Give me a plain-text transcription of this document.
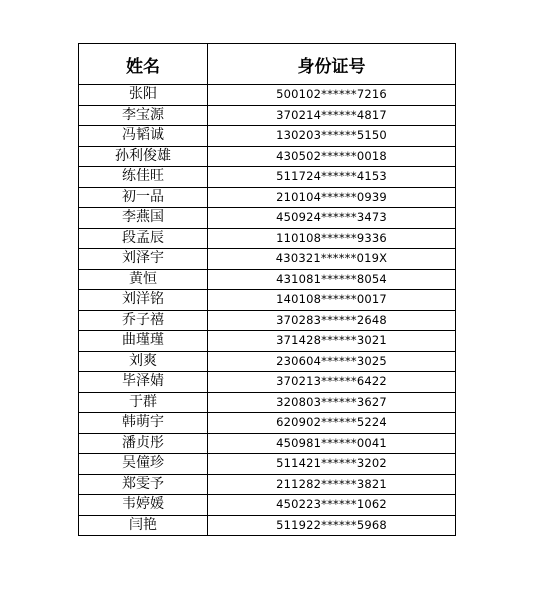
姓名	身份证号
张阳	500102******7216
李宝源	370214******4817
冯韬诚	130203******5150
孙利俊雄	430502******0018
练佳旺	511724******4153
初一品	210104******0939
李燕国	450924******3473
段孟辰	110108******9336
刘泽宇	430321******019X
黄恒	431081******8054
刘洋铭	140108******0017
乔子禧	370283******2648
曲瑾瑾	371428******3021
刘爽	230604******3025
毕泽婧	370213******6422
于群	320803******3627
韩萌宇	620902******5224
潘贞彤	450981******0041
吴僮珍	511421******3202
郑雯予	211282******3821
韦婷媛	450223******1062
闫艳	511922******5968
